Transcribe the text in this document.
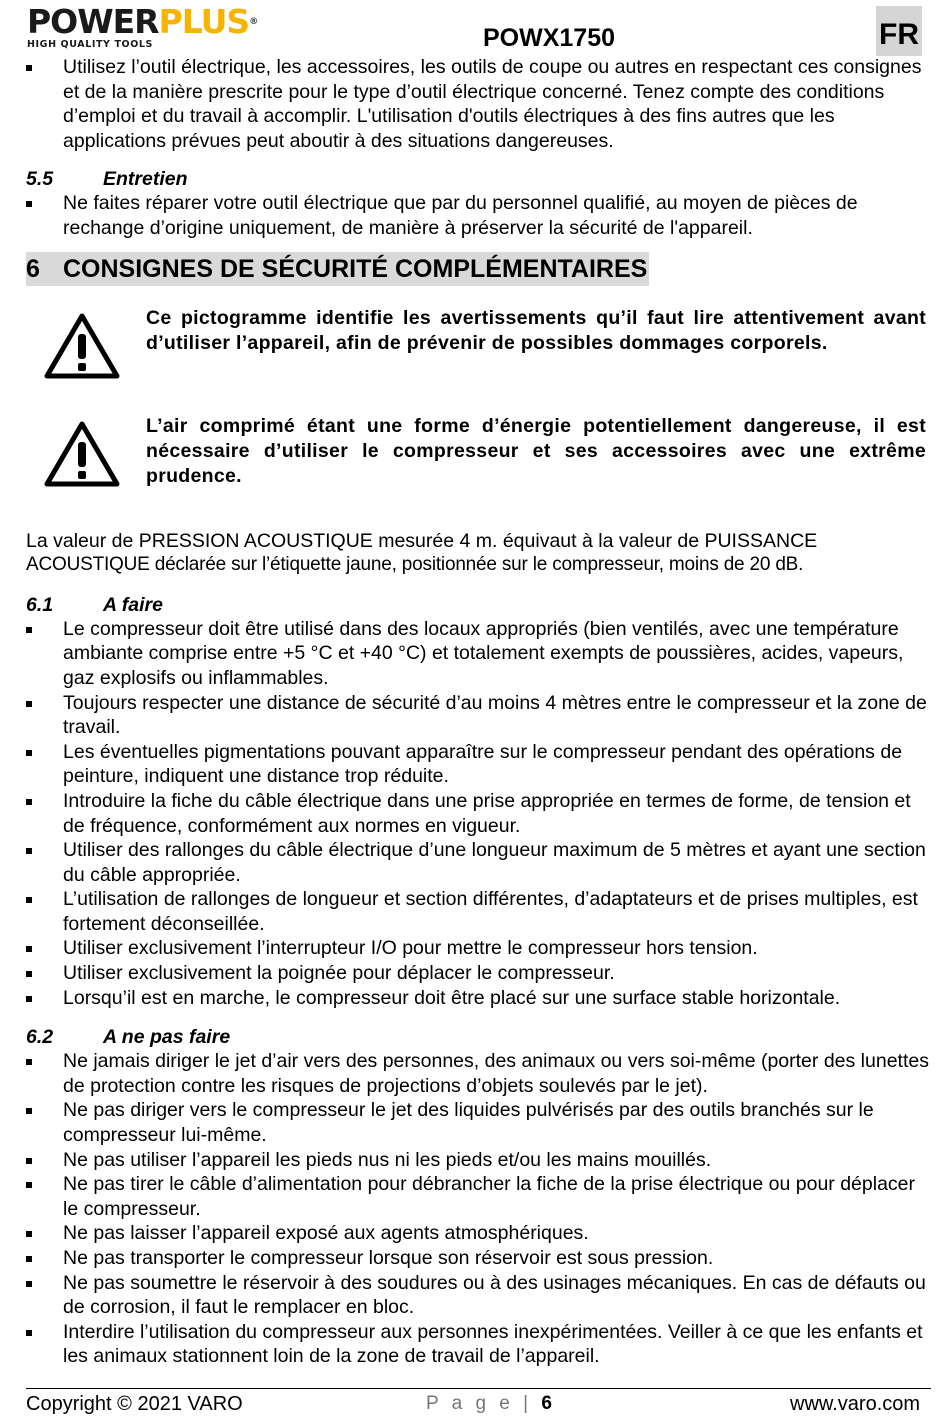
POWERPLUS®
HIGH QUALITY TOOLS	POWX1750	FR
Utilisez l’outil électrique, les accessoires, les outils de coupe ou autres en respectant ces consignes et de la manière prescrite pour le type d’outil électrique concerné. Tenez compte des conditions d’emploi et du travail à accomplir. L'utilisation d'outils électriques à des fins autres que les applications prévues peut aboutir à des situations dangereuses.
5.5	Entretien
Ne faites réparer votre outil électrique que par du personnel qualifié, au moyen de pièces de rechange d’origine uniquement, de manière à préserver la sécurité de l'appareil.
6 CONSIGNES DE SÉCURITÉ COMPLÉMENTAIRES
Ce pictogramme identifie les avertissements qu’il faut lire attentivement avant d’utiliser l’appareil, afin de prévenir de possibles dommages corporels.
L’air comprimé étant une forme d’énergie potentiellement dangereuse, il est nécessaire d’utiliser le compresseur et ses accessoires avec une extrême prudence.
La valeur de PRESSION ACOUSTIQUE mesurée 4 m. équivaut à la valeur de PUISSANCE
ACOUSTIQUE déclarée sur l’étiquette jaune, positionnée sur le compresseur, moins de 20 dB.
6.1	A faire
Le compresseur doit être utilisé dans des locaux appropriés (bien ventilés, avec une température ambiante comprise entre +5 °C et +40 °C) et totalement exempts de poussières, acides, vapeurs, gaz explosifs ou inflammables.
Toujours respecter une distance de sécurité d’au moins 4 mètres entre le compresseur et la zone de travail.
Les éventuelles pigmentations pouvant apparaître sur le compresseur pendant des opérations de peinture, indiquent une distance trop réduite.
Introduire la fiche du câble électrique dans une prise appropriée en termes de forme, de tension et de fréquence, conformément aux normes en vigueur.
Utiliser des rallonges du câble électrique d’une longueur maximum de 5 mètres et ayant une section du câble appropriée.
L’utilisation de rallonges de longueur et section différentes, d’adaptateurs et de prises multiples, est fortement déconseillée.
Utiliser exclusivement l’interrupteur I/O pour mettre le compresseur hors tension.
Utiliser exclusivement la poignée pour déplacer le compresseur.
Lorsqu’il est en marche, le compresseur doit être placé sur une surface stable horizontale.
6.2	A ne pas faire
Ne jamais diriger le jet d’air vers des personnes, des animaux ou vers soi-même (porter des lunettes de protection contre les risques de projections d’objets soulevés par le jet).
Ne pas diriger vers le compresseur le jet des liquides pulvérisés par des outils branchés sur le compresseur lui-même.
Ne pas utiliser l’appareil les pieds nus ni les pieds et/ou les mains mouillés.
Ne pas tirer le câble d’alimentation pour débrancher la fiche de la prise électrique ou pour déplacer le compresseur.
Ne pas laisser l’appareil exposé aux agents atmosphériques.
Ne pas transporter le compresseur lorsque son réservoir est sous pression.
Ne pas soumettre le réservoir à des soudures ou à des usinages mécaniques. En cas de défauts ou de corrosion, il faut le remplacer en bloc.
Interdire l’utilisation du compresseur aux personnes inexpérimentées. Veiller à ce que les enfants et les animaux stationnent loin de la zone de travail de l’appareil.
Copyright © 2021 VARO	P a g e | 6	www.varo.com
